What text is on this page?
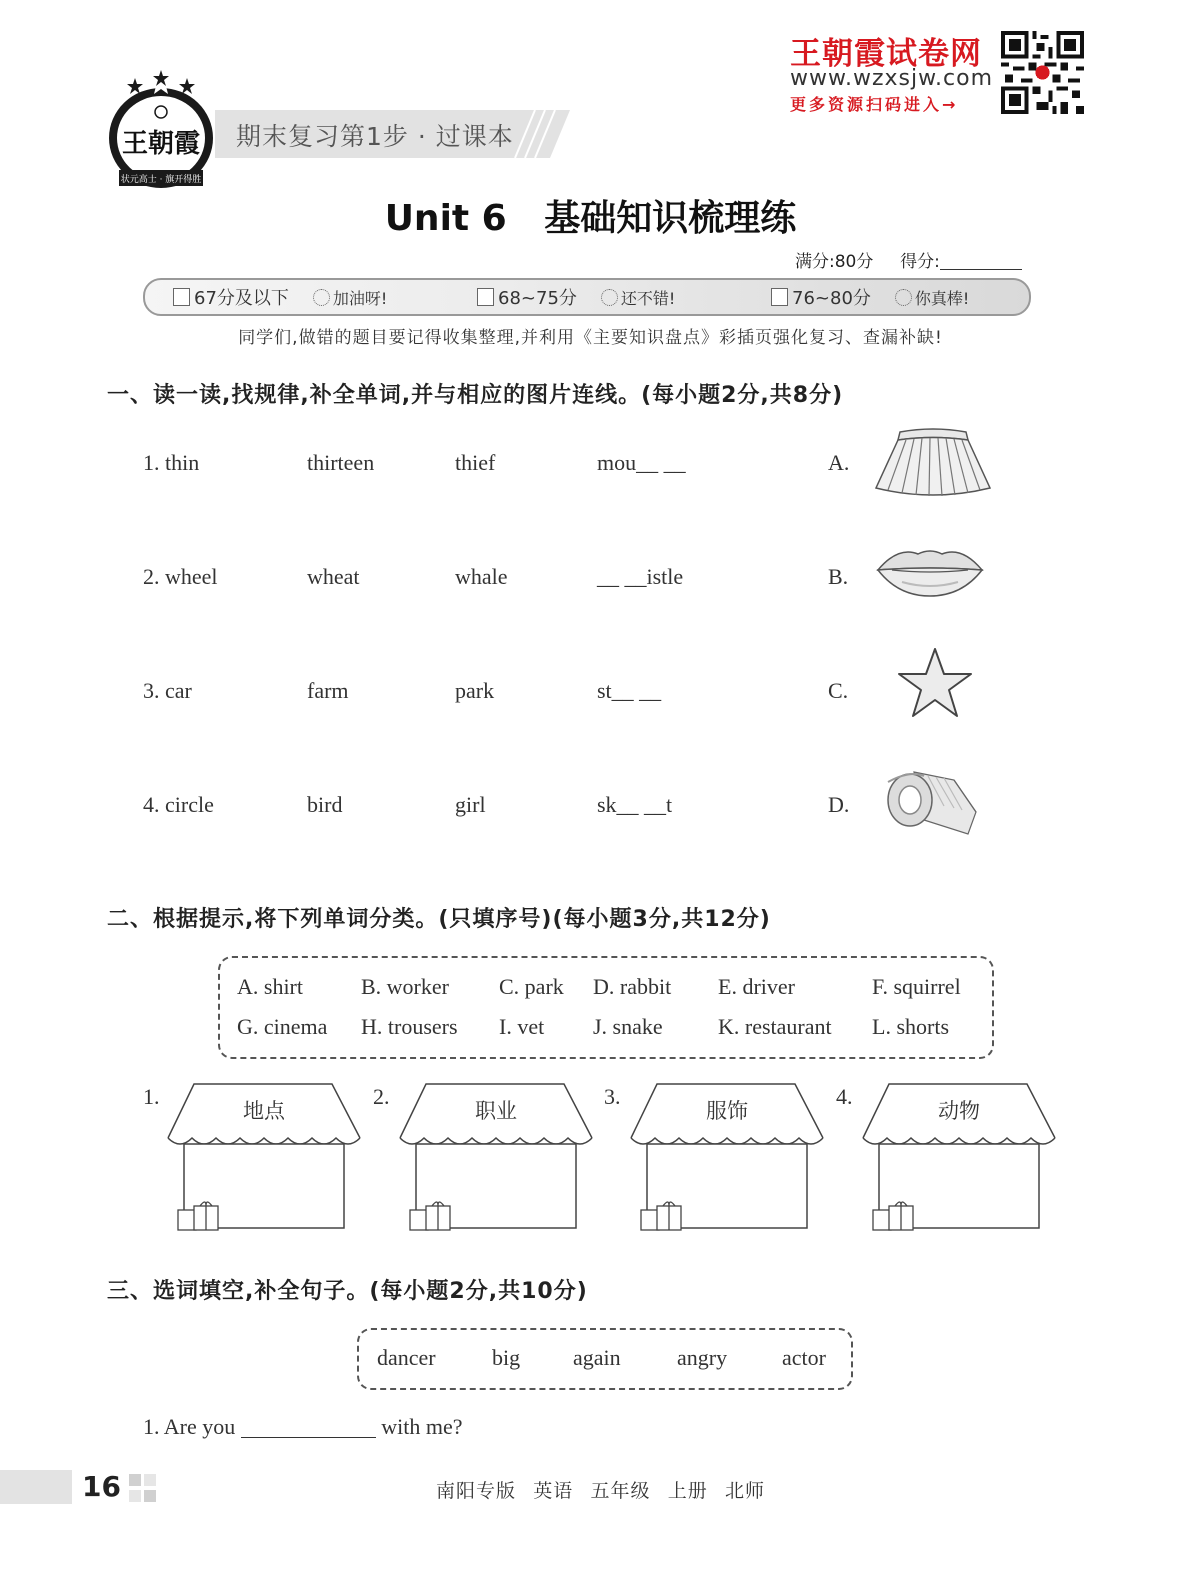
状元高士 · 旗开得胜
王朝霞 期末复习第1步 · 过课本
王朝霞试卷网
www.wzxsjw.com
更多资源扫码进入→
Unit 6   基础知识梳理练
满分:80分 得分:
67分及以下	加油呀!	68~75分	还不错!	76~80分	你真棒!
同学们,做错的题目要记得收集整理,并利用《主要知识盘点》彩插页强化复习、查漏补缺!
一、读一读,找规律,补全单词,并与相应的图片连线。(每小题2分,共8分)
1. thin	thirteen	thief	mou__ __	A.
2. wheel	wheat	whale	__ __istle	B.
3. car	farm	park	st__ __	C.
4. circle	bird	girl	sk__ __t	D.
二、根据提示,将下列单词分类。(只填序号)(每小题3分,共12分)
A. shirt	B. worker C. park D. rabbit E. driver	F. squirrel
G. cinema H. trousers I. vet J. snake	K. restaurant L. shorts
1.
地点
2.
职业
3.
服饰
4.
动物
三、选词填空,补全句子。(每小题2分,共10分)
dancer	big again	angry actor
1. Are you	with me?
16	南阳专版   英语   五年级   上册   北师
